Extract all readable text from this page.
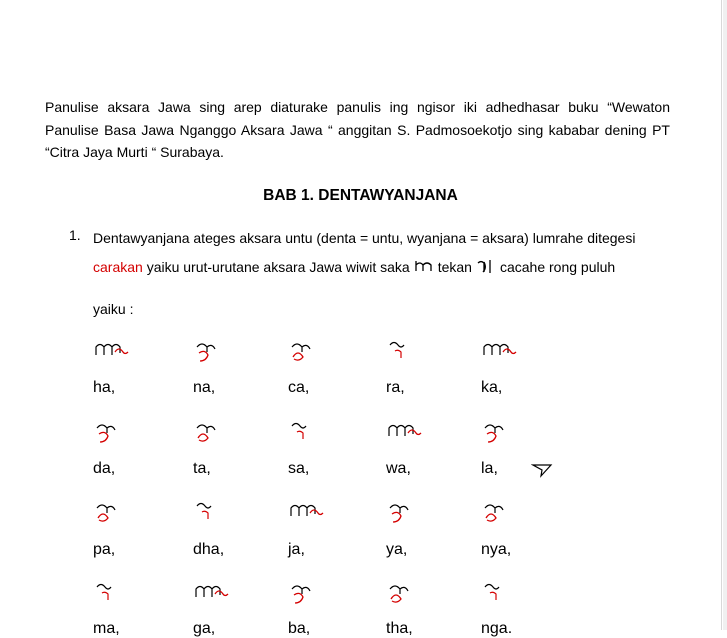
Panulise aksara Jawa sing arep diaturake panulis ing ngisor iki adhedhasar buku “Wewaton Panulise Basa Jawa Nganggo Aksara Jawa “ anggitan S. Padmosoekotjo sing kababar dening PT “Citra Jaya Murti “ Surabaya.
BAB 1. DENTAWYANJANA
1. Dentawyanjana ateges aksara untu (denta = untu, wyanjana = aksara) lumrahe ditegesi
carakan
yaiku urut-urutane aksara Jawa wiwit saka tekan cacahe rong puluh
yaiku :
ha,	na,	ca,	ra,	ka,
da,	ta,	sa,	wa,	la,
pa,	dha,	ja,	ya,	nya,
ma,	ga,	ba,	tha,	nga.
